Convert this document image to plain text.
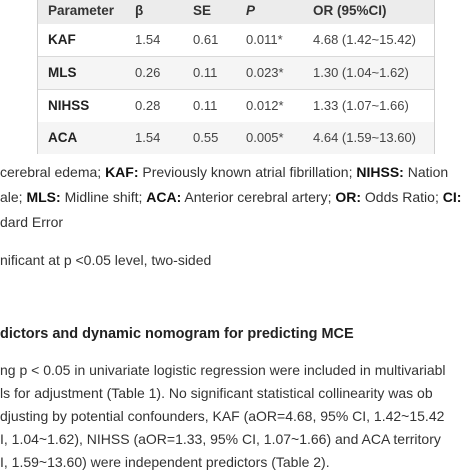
Parameter β	SE	P	OR (95%CI)
KAF	1.54	0.61 0.011* 4.68 (1.42~15.42)
MLS	0.26	0.11 0.023* 1.30 (1.04~1.62)
NIHSS	0.28	0.11 0.012* 1.33 (1.07~1.66)
ACA	1.54	0.55 0.005* 4.64 (1.59~13.60)
cerebral edema; KAF: Previously known atrial fibrillation; NIHSS: Nation
ale; MLS: Midline shift; ACA: Anterior cerebral artery; OR: Odds Ratio; CI:
dard Error
nificant at p <0.05 level, two-sided
dictors and dynamic nomogram for predicting MCE
ng p < 0.05 in univariate logistic regression were included in multivariabl
ls for adjustment (Table 1). No significant statistical collinearity was ob
djusting by potential confounders, KAF (aOR=4.68, 95% CI, 1.42~15.42
I, 1.04~1.62), NIHSS (aOR=1.33, 95% CI, 1.07~1.66) and ACA territory
I, 1.59~13.60) were independent predictors (Table 2).
